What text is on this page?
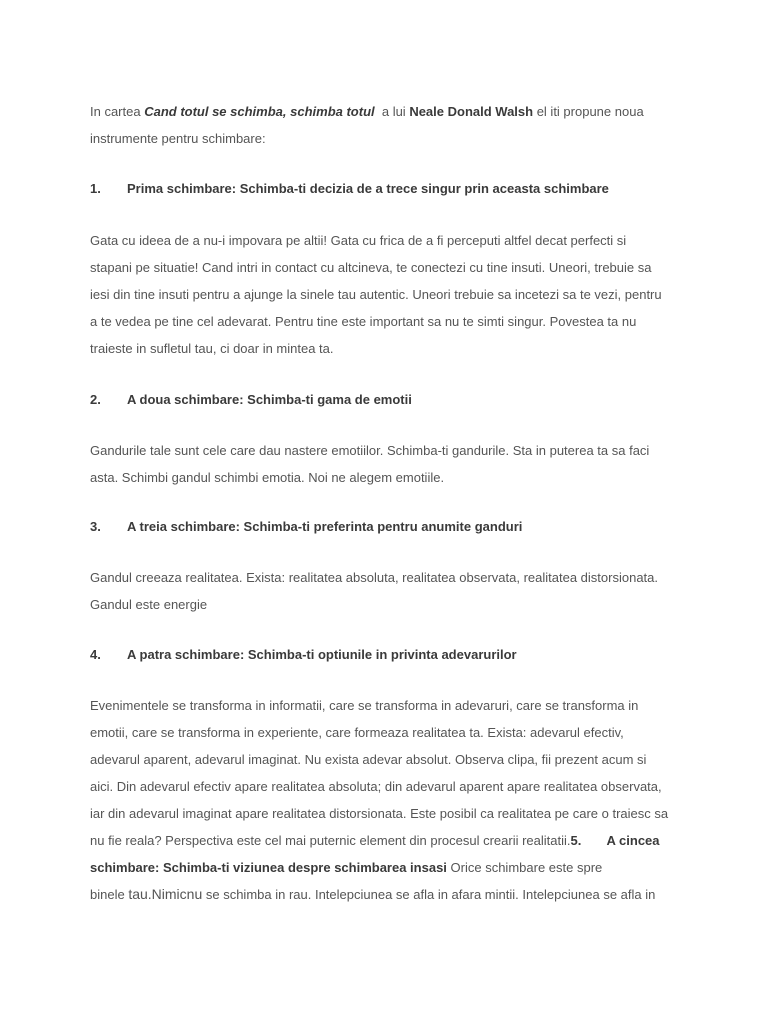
In cartea Cand totul se schimba, schimba totul  a lui Neale Donald Walsh el iti propune noua
instrumente pentru schimbare:

1. Prima schimbare: Schimba-ti decizia de a trece singur prin aceasta schimbare

Gata cu ideea de a nu-i impovara pe altii! Gata cu frica de a fi perceputi altfel decat perfecti si
stapani pe situatie! Cand intri in contact cu altcineva, te conectezi cu tine insuti. Uneori, trebuie sa
iesi din tine insuti pentru a ajunge la sinele tau autentic. Uneori trebuie sa incetezi sa te vezi, pentru
a te vedea pe tine cel adevarat. Pentru tine este important sa nu te simti singur. Povestea ta nu
traieste in sufletul tau, ci doar in mintea ta.

2. A doua schimbare: Schimba-ti gama de emotii

Gandurile tale sunt cele care dau nastere emotiilor. Schimba-ti gandurile. Sta in puterea ta sa faci
asta. Schimbi gandul schimbi emotia. Noi ne alegem emotiile.

3. A treia schimbare: Schimba-ti preferinta pentru anumite ganduri

Gandul creeaza realitatea. Exista: realitatea absoluta, realitatea observata, realitatea distorsionata.
Gandul este energie

4. A patra schimbare: Schimba-ti optiunile in privinta adevarurilor

Evenimentele se transforma in informatii, care se transforma in adevaruri, care se transforma in
emotii, care se transforma in experiente, care formeaza realitatea ta. Exista: adevarul efectiv,
adevarul aparent, adevarul imaginat. Nu exista adevar absolut. Observa clipa, fii prezent acum si
aici. Din adevarul efectiv apare realitatea absoluta; din adevarul aparent apare realitatea observata,
iar din adevarul imaginat apare realitatea distorsionata. Este posibil ca realitatea pe care o traiesc sa
nu fie reala? Perspectiva este cel mai puternic element din procesul crearii realitatii.5. A cincea
schimbare: Schimba-ti viziunea despre schimbarea insasi Orice schimbare este spre
binele tau.Nimicnu se schimba in rau. Intelepciunea se afla in afara mintii. Intelepciunea se afla in
